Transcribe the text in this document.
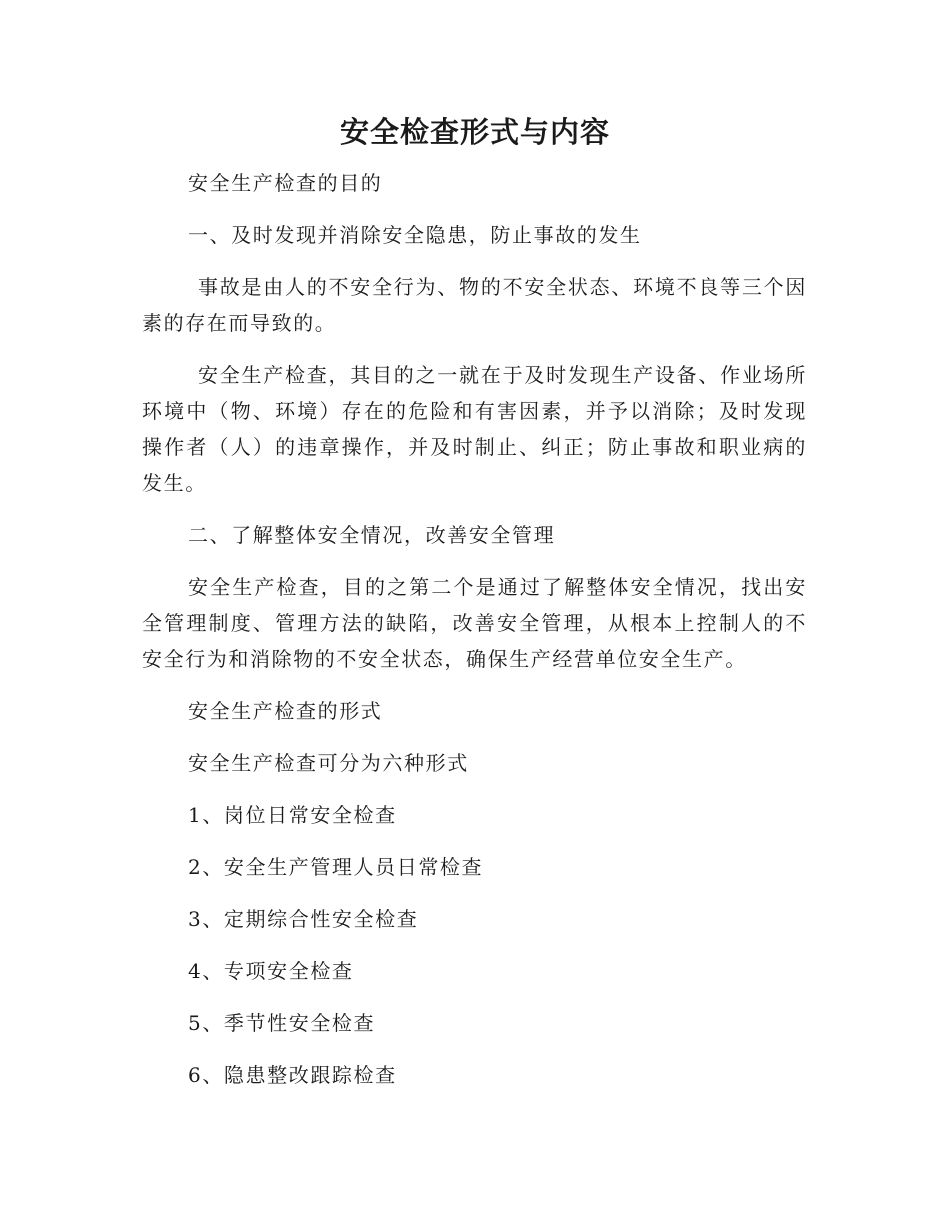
安全检查形式与内容

安全生产检查的目的

一、及时发现并消除安全隐患，防止事故的发生

事故是由人的不安全行为、物的不安全状态、环境不良等三个因素的存在而导致的。

安全生产检查，其目的之一就在于及时发现生产设备、作业场所环境中（物、环境）存在的危险和有害因素，并予以消除；及时发现操作者（人）的违章操作，并及时制止、纠正；防止事故和职业病的发生。

二、了解整体安全情况，改善安全管理

安全生产检查，目的之第二个是通过了解整体安全情况，找出安全管理制度、管理方法的缺陷，改善安全管理，从根本上控制人的不安全行为和消除物的不安全状态，确保生产经营单位安全生产。

安全生产检查的形式

安全生产检查可分为六种形式

1、岗位日常安全检查

2、安全生产管理人员日常检查

3、定期综合性安全检查

4、专项安全检查

5、季节性安全检查

6、隐患整改跟踪检查
